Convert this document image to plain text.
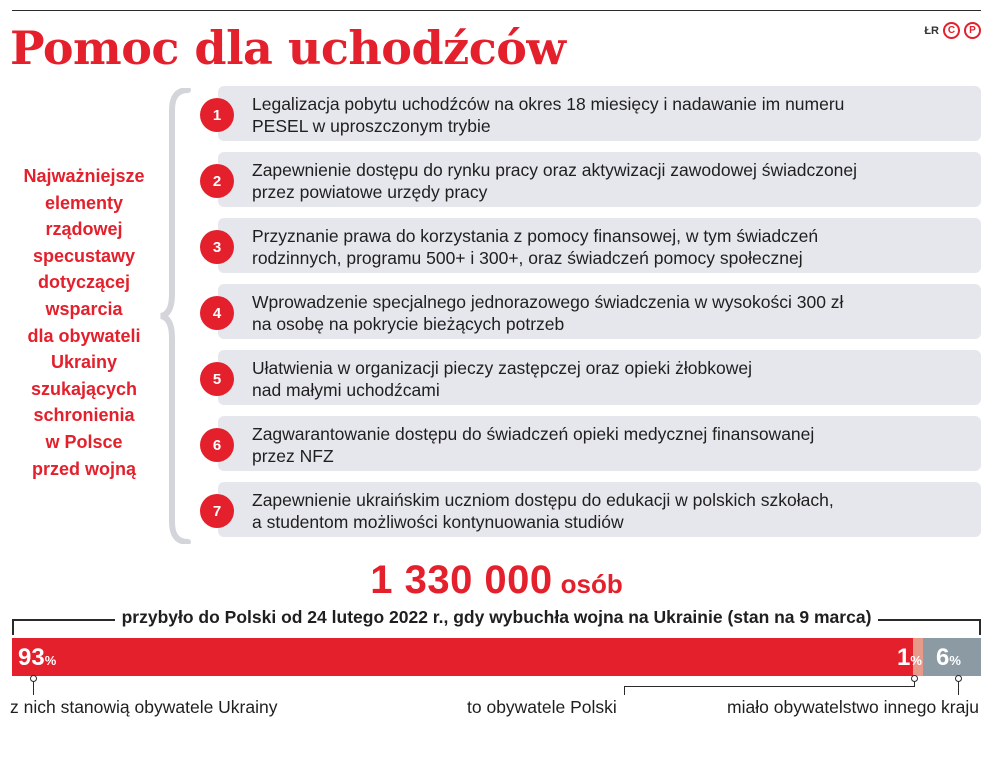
Pomoc dla uchodźców	ŁR C	P
Najważniejsze
elementy
rządowej
specustawy
dotyczącej
wsparcia
dla obywateli
Ukrainy
szukających
schronienia
w Polsce
przed wojną
1
Legalizacja pobytu uchodźców na okres 18 miesięcy i nadawanie im numeru
PESEL w uproszczonym trybie
2
Zapewnienie dostępu do rynku pracy oraz aktywizacji zawodowej świadczonej
przez powiatowe urzędy pracy
3
Przyznanie prawa do korzystania z pomocy finansowej, w tym świadczeń
rodzinnych, programu 500+ i 300+, oraz świadczeń pomocy społecznej
4
Wprowadzenie specjalnego jednorazowego świadczenia w wysokości 300 zł
na osobę na pokrycie bieżących potrzeb
5
Ułatwienia w organizacji pieczy zastępczej oraz opieki żłobkowej
nad małymi uchodźcami
6
Zagwarantowanie dostępu do świadczeń opieki medycznej finansowanej
przez NFZ
7
Zapewnienie ukraińskim uczniom dostępu do edukacji w polskich szkołach,
a studentom możliwości kontynuowania studiów
1 330 000 osób
przybyło do Polski od 24 lutego 2022 r., gdy wybuchła wojna na Ukrainie (stan na 9 marca)
93%	1% 6%
z nich stanowią obywatele Ukrainy	to obywatele Polski	miało obywatelstwo innego kraju
